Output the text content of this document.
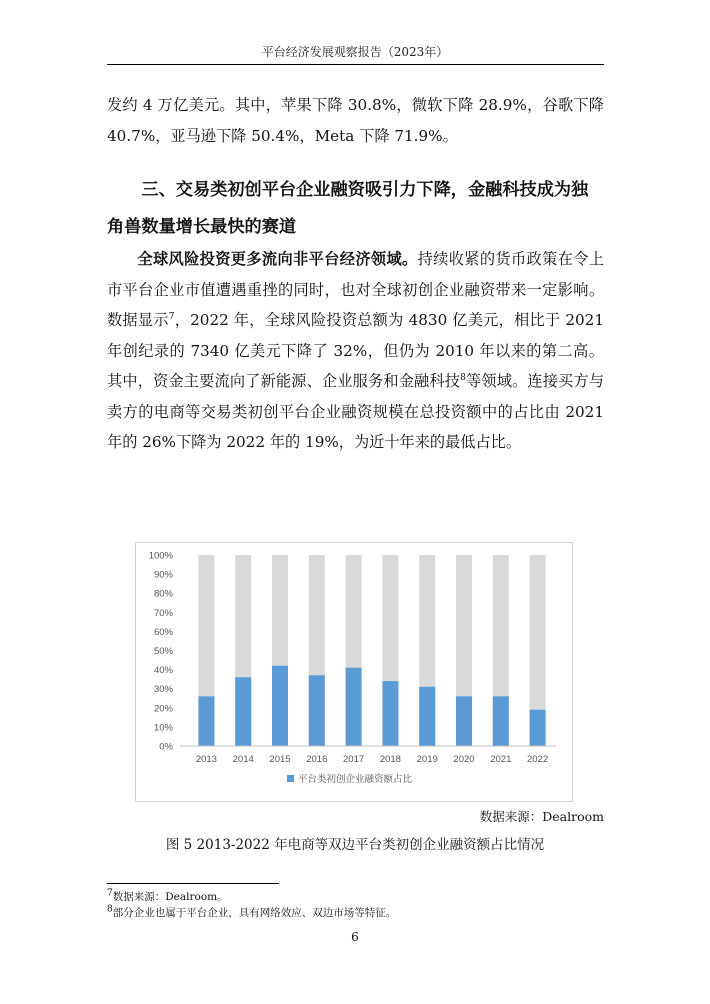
平台经济发展观察报告（2023年）
发约 4 万亿美元。其中，苹果下降 30.8%，微软下降 28.9%，谷歌下降 40.7%，亚马逊下降 50.4%，Meta 下降 71.9%。
三、交易类初创平台企业融资吸引力下降，金融科技成为独角兽数量增长最快的赛道
全球风险投资更多流向非平台经济领域。持续收紧的货币政策在令上市平台企业市值遭遇重挫的同时，也对全球初创企业融资带来一定影响。数据显示$^7$，2022 年，全球风险投资总额为 4830 亿美元，相比于 2021 年创纪录的 7340 亿美元下降了 32%，但仍为 2010 年以来的第二高。其中，资金主要流向了新能源、企业服务和金融科技$^8$等领域。连接买方与卖方的电商等交易类初创平台企业融资规模在总投资额中的占比由 2021 年的 26%下降为 2022 年的 19%，为近十年来的最低占比。
0%
10%
20%
30%
40%
50%
60%
70%
80%
90%
100%
2013 2014 2015 2016 2017 2018 2019 2020 2021 2022
平台类初创企业融资额占比
数据来源：Dealroom
图 5 2013-2022 年电商等双边平台类初创企业融资额占比情况
$^7$数据来源：Dealroom。
$^8$部分企业也属于平台企业，具有网络效应、双边市场等特征。
6
